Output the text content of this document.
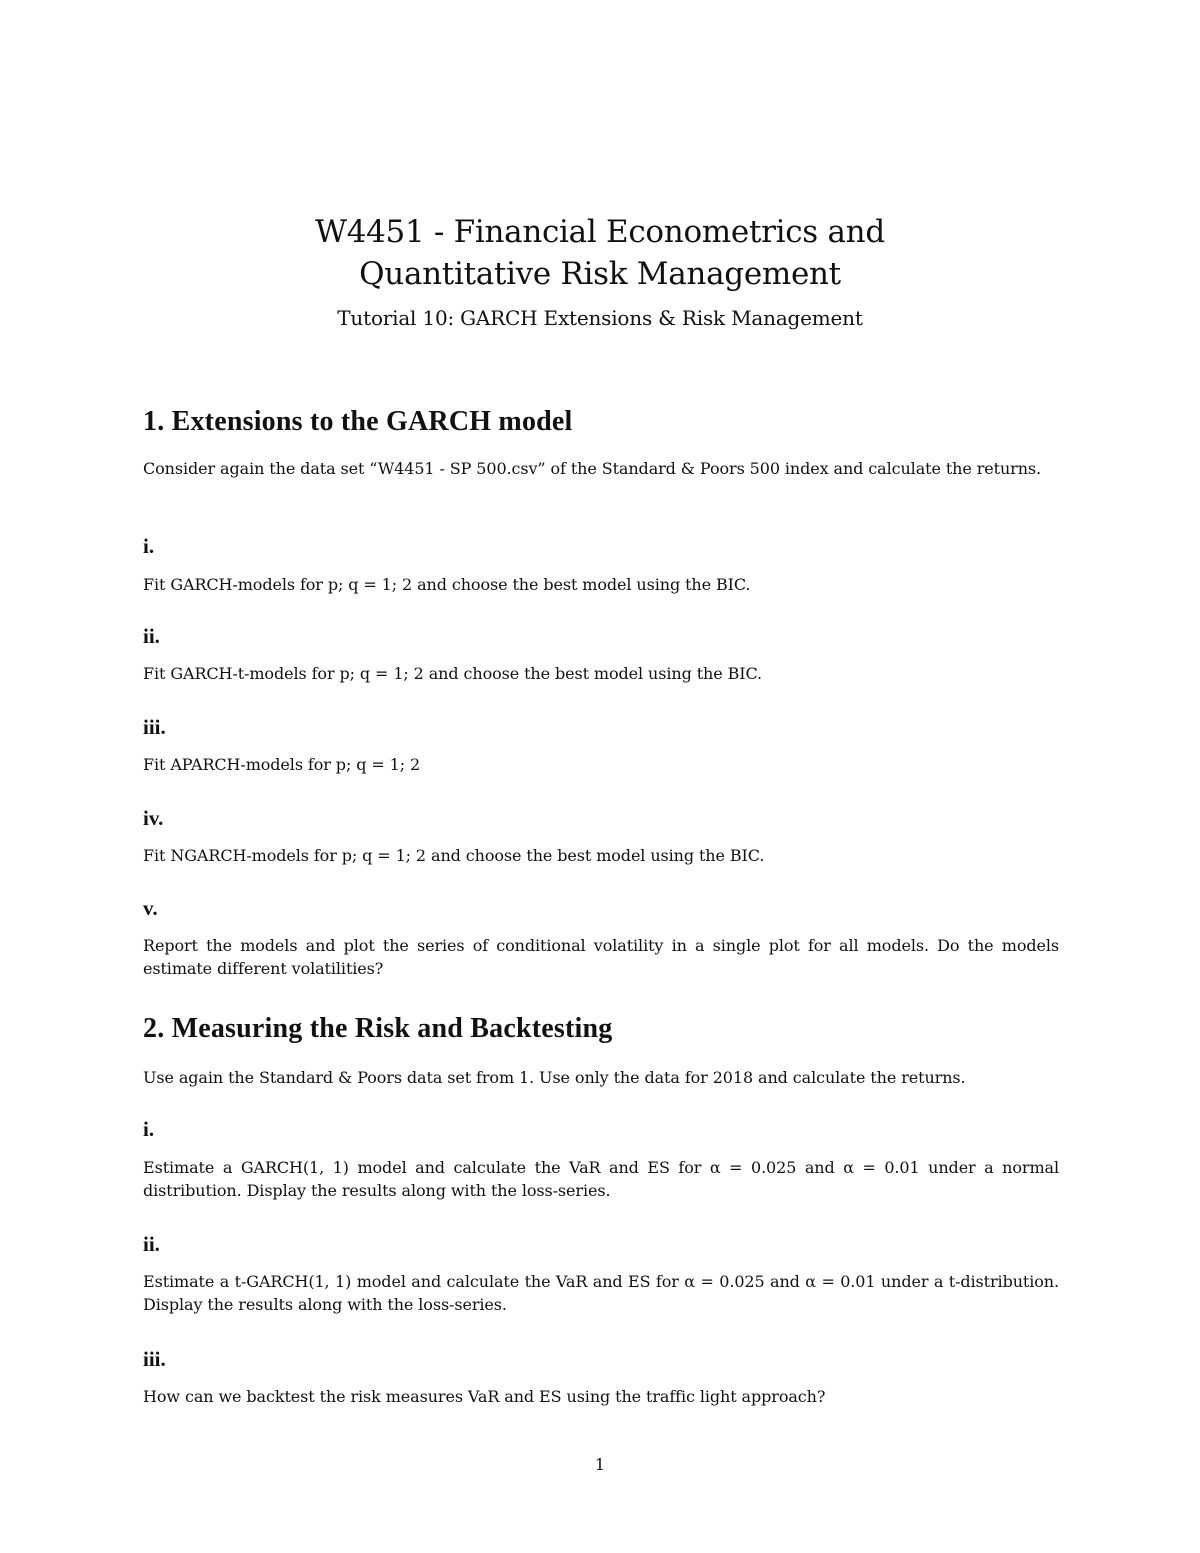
W4451 - Financial Econometrics and
Quantitative Risk Management
Tutorial 10: GARCH Extensions & Risk Management
1. Extensions to the GARCH model
Consider again the data set “W4451 - SP 500.csv” of the Standard & Poors 500 index and calculate the returns.
i.
Fit GARCH-models for p; q = 1; 2 and choose the best model using the BIC.
ii.
Fit GARCH-t-models for p; q = 1; 2 and choose the best model using the BIC.
iii.
Fit APARCH-models for p; q = 1; 2
iv.
Fit NGARCH-models for p; q = 1; 2 and choose the best model using the BIC.
v.
Report the models and plot the series of conditional volatility in a single plot for all models. Do the models estimate different volatilities?
2. Measuring the Risk and Backtesting
Use again the Standard & Poors data set from 1. Use only the data for 2018 and calculate the returns.
i.
Estimate a GARCH(1, 1) model and calculate the VaR and ES for α = 0.025 and α = 0.01 under a normal distribution. Display the results along with the loss-series.
ii.
Estimate a t-GARCH(1, 1) model and calculate the VaR and ES for α = 0.025 and α = 0.01 under a t-distribution. Display the results along with the loss-series.
iii.
How can we backtest the risk measures VaR and ES using the traffic light approach?
1
